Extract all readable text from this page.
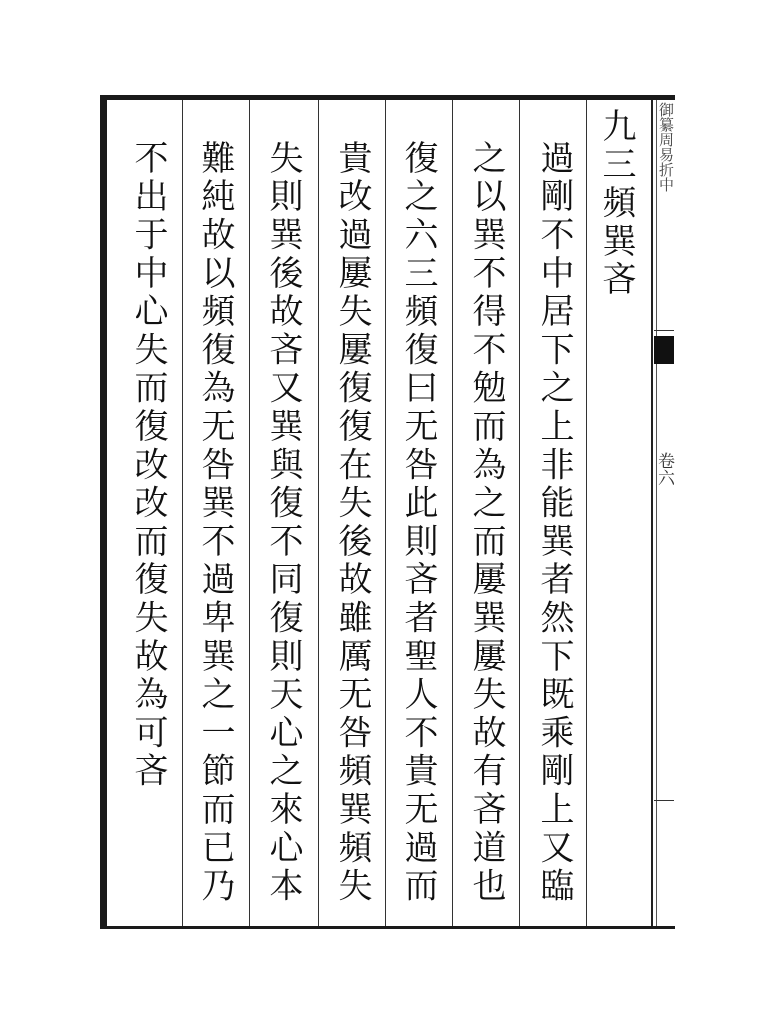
御纂周易折中
卷六
九三頻巽吝
過剛不中居下之上非能巽者然下既乘剛上又臨
之以巽不得不勉而為之而屢巽屢失故有吝道也
復之六三頻復曰无咎此則吝者聖人不貴无過而
貴改過屢失屢復復在失後故雖厲无咎頻巽頻失
失則巽後故吝又巽與復不同復則天心之來心本
難純故以頻復為无咎巽不過卑巽之一節而已乃
不出于中心失而復改改而復失故為可吝
